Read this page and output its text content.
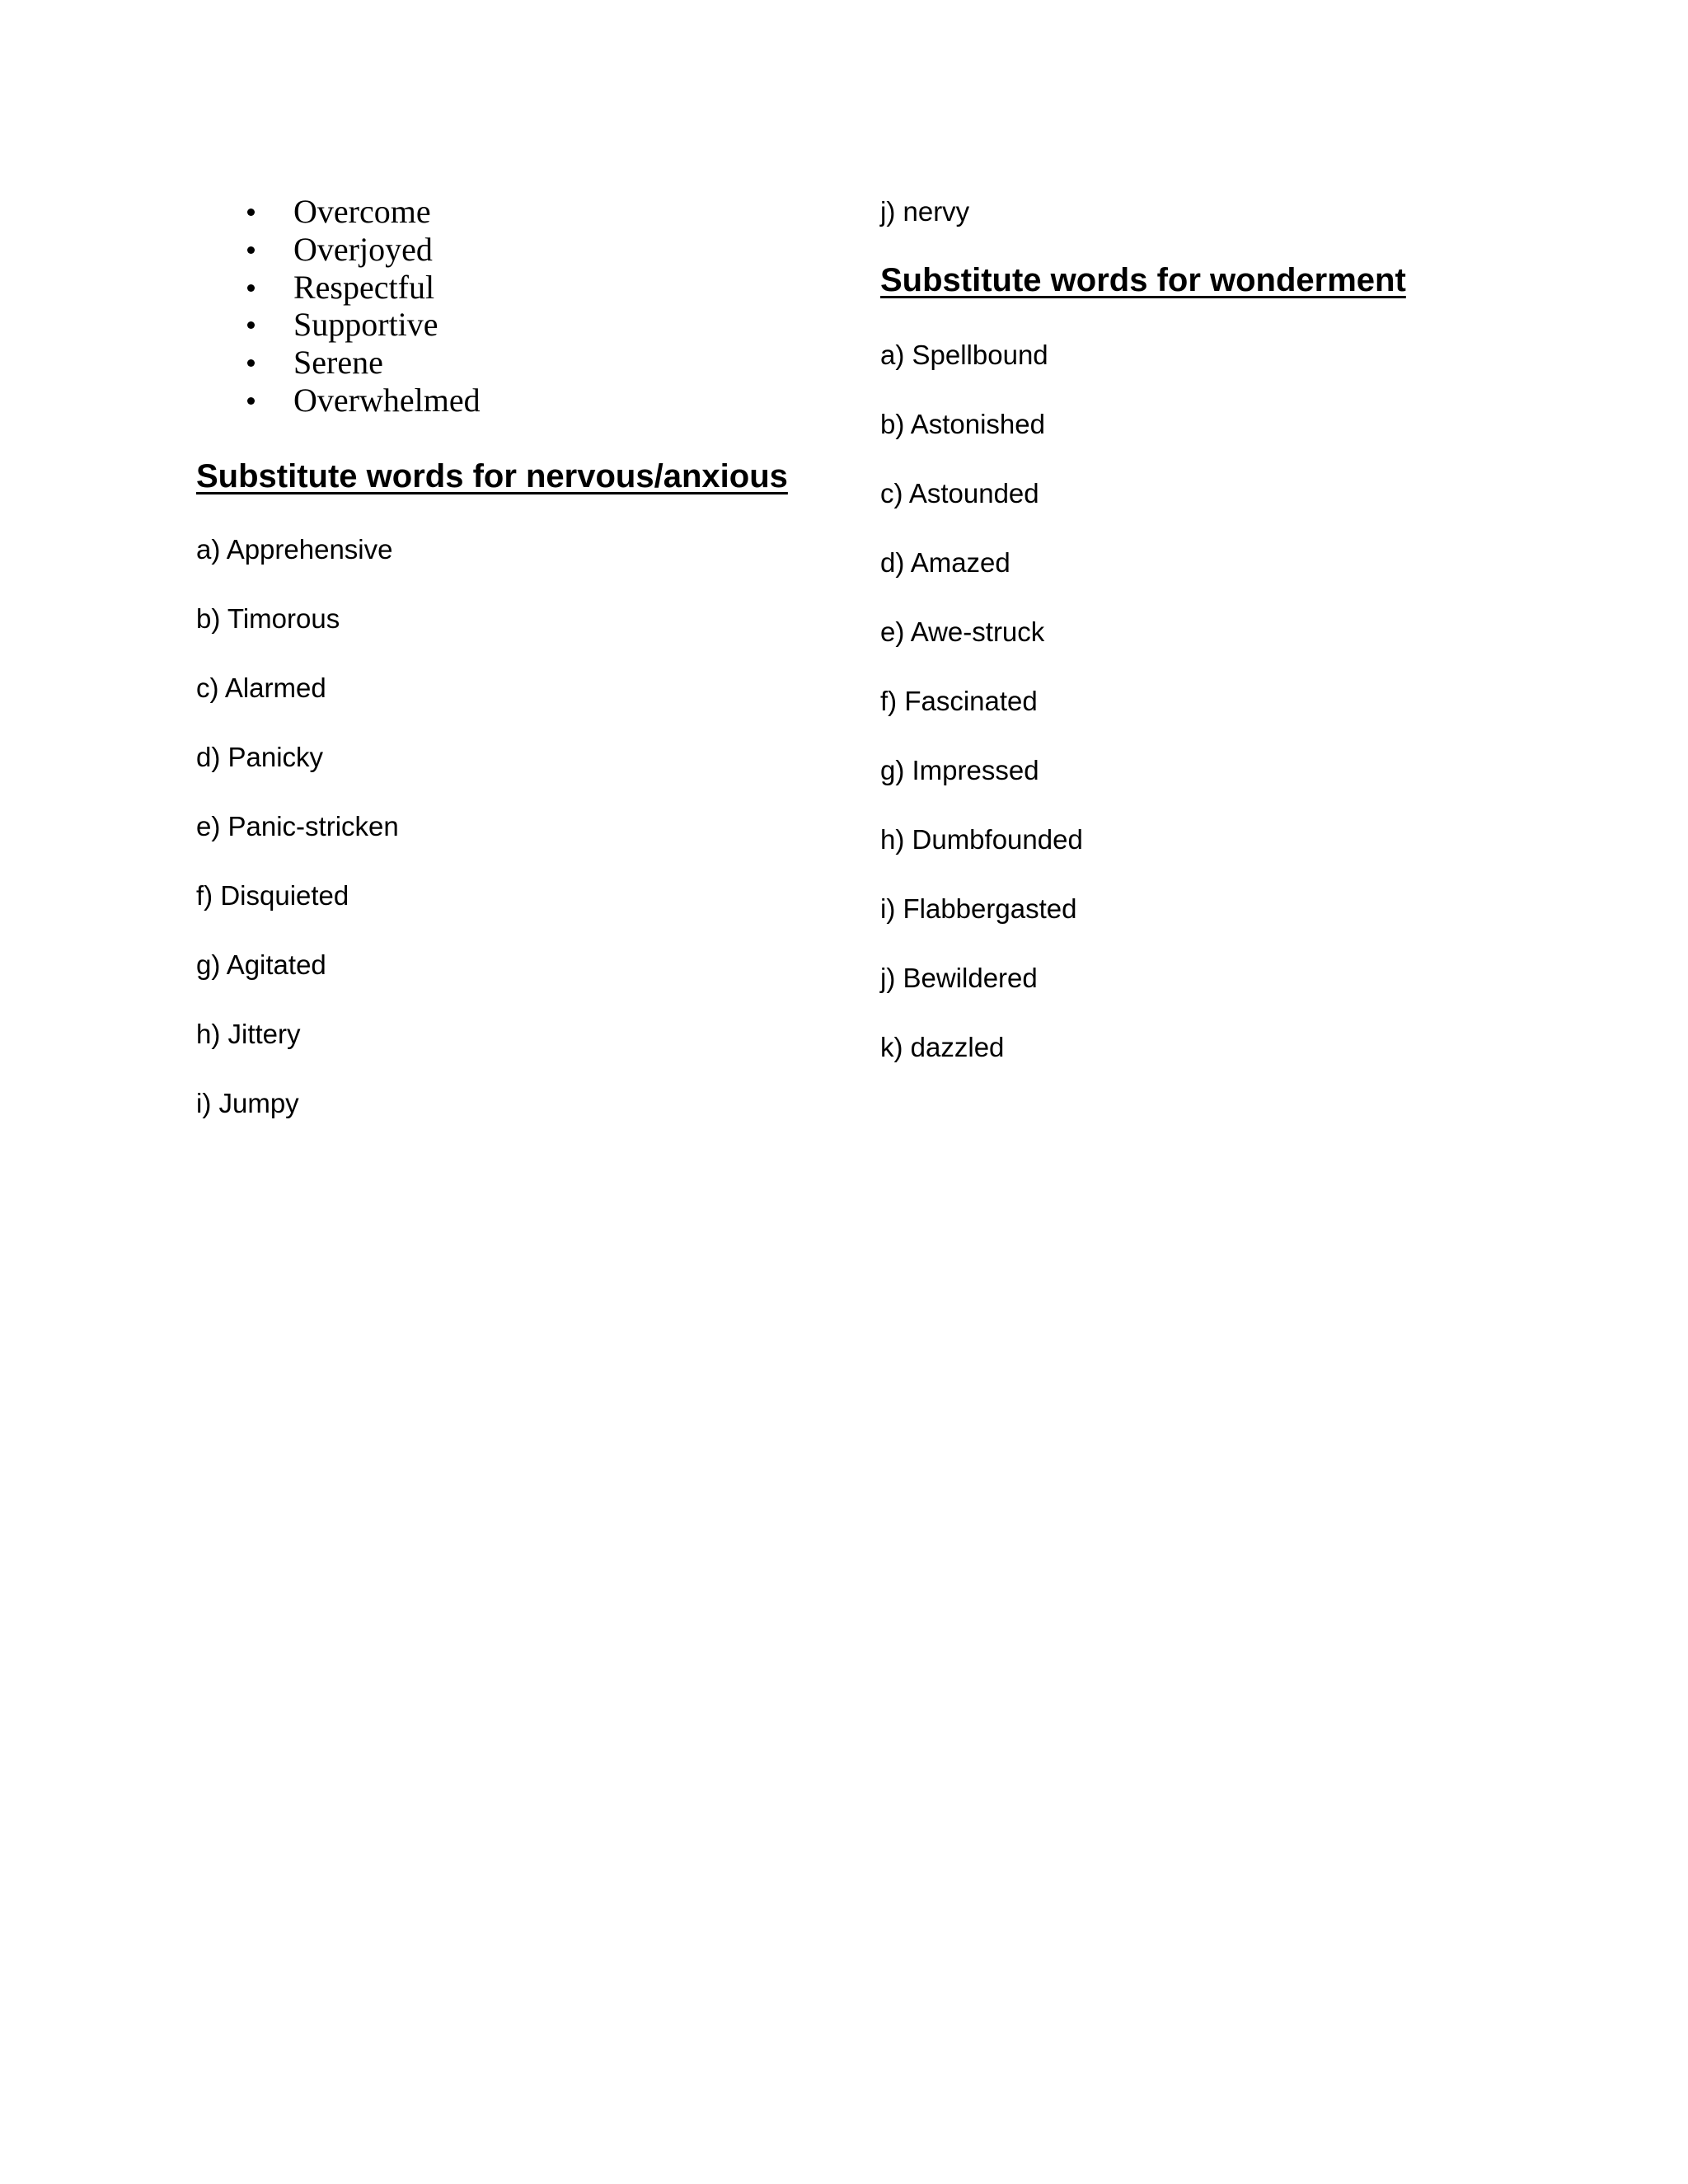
Overcome
Overjoyed
Respectful
Supportive
Serene
Overwhelmed
Substitute words for nervous/anxious

a) Apprehensive

b) Timorous

c) Alarmed

d) Panicky

e) Panic-stricken

f) Disquieted

g) Agitated

h) Jittery

i) Jumpy

j) nervy

Substitute words for wonderment

a) Spellbound

b) Astonished

c) Astounded

d) Amazed

e) Awe-struck

f) Fascinated

g) Impressed

h) Dumbfounded

i) Flabbergasted

j) Bewildered

k) dazzled
